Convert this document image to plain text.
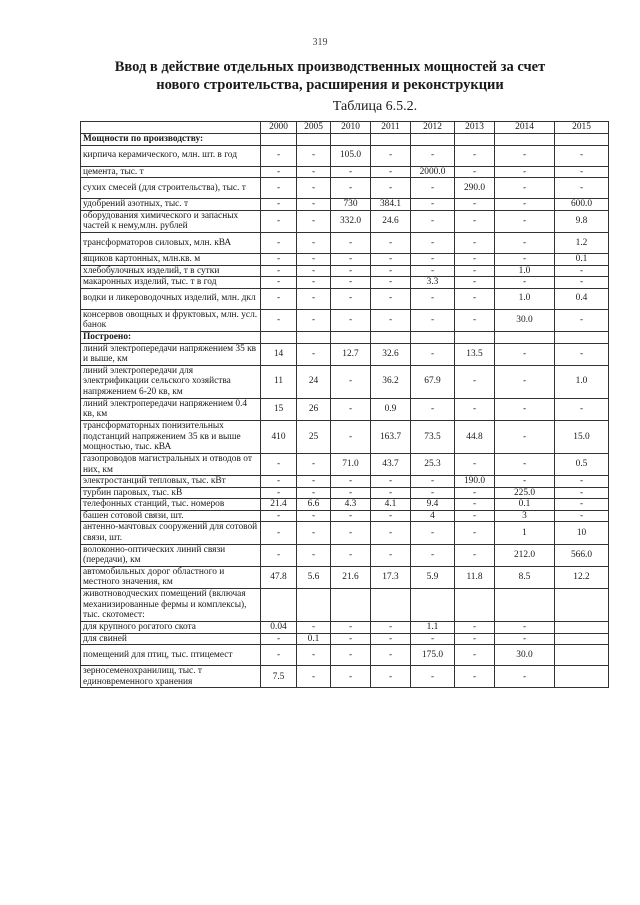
319
Ввод в действие отдельных производственных мощностей за счет
нового строительства, расширения и реконструкции
Таблица 6.5.2.
	2000	2005	2010	2011	2012	2013	2014	2015
Мощности по производству:								
кирпича керамического, млн. шт. в год	-	-	105.0	-	-	-	-	-
цемента, тыс. т	-	-	-	-	2000.0	-	-	-
сухих смесей (для строительства), тыс. т	-	-	-	-	-	290.0	-	-
удобрений азотных, тыс. т	-	-	730	384.1	-	-	-	600.0
оборудования химического и запасных частей к нему,млн. рублей	-	-	332.0	24.6	-	-	-	9.8
трансформаторов силовых, млн. кВА	-	-	-	-	-	-	-	1.2
ящиков картонных, млн.кв. м	-	-	-	-	-	-	-	0.1
хлебобулочных изделий, т в сутки	-	-	-	-	-	-	1.0	-
макаронных изделий, тыс. т в год	-	-	-	-	3.3	-	-	-
водки и ликероводочных изделий, млн. дкл	-	-	-	-	-	-	1.0	0.4
консервов овощных и фруктовых, млн. усл. банок	-	-	-	-	-	-	30.0	-
Построено:								
линий электропередачи напряжением 35 кв и выше, км	14	-	12.7	32.6	-	13.5	-	-
линий электропередачи для электрификации сельского хозяйства напряжением 6-20 кв, км	11	24	-	36.2	67.9	-	-	1.0
линий электропередачи напряжением 0.4 кв, км	15	26	-	0.9	-	-	-	-
трансформаторных понизительных подстанций напряжением 35 кв и выше мощностью, тыс. кВА	410	25	-	163.7	73.5	44.8	-	15.0
газопроводов магистральных и отводов от них, км	-	-	71.0	43.7	25.3	-	-	0.5
электростанций тепловых, тыс. кВт	-	-	-	-	-	190.0	-	-
турбин паровых, тыс. кВ	-	-	-	-	-	-	225.0	-
телефонных станций, тыс. номеров	21.4	6.6	4.3	4.1	9.4	-	0.1	-
башен сотовой связи, шт.	-	-	-	-	4	-	3	-
антенно-мачтовых сооружений для сотовой связи, шт.	-	-	-	-	-	-	1	10
волоконно-оптических линий связи (передачи), км	-	-	-	-	-	-	212.0	566.0
автомобильных дорог областного и местного значения, км	47.8	5.6	21.6	17.3	5.9	11.8	8.5	12.2
животноводческих помещений (включая механизированные фермы и комплексы), тыс. скотомест:								
для крупного рогатого скота	0.04	-	-	-	1.1	-	-	
для свиней	-	0.1	-	-	-	-	-	
помещений для птиц, тыс. птицемест	-	-	-	-	175.0	-	30.0	
зерносеменохранилищ, тыс. т единовременного хранения	7.5	-	-	-	-	-	-	
